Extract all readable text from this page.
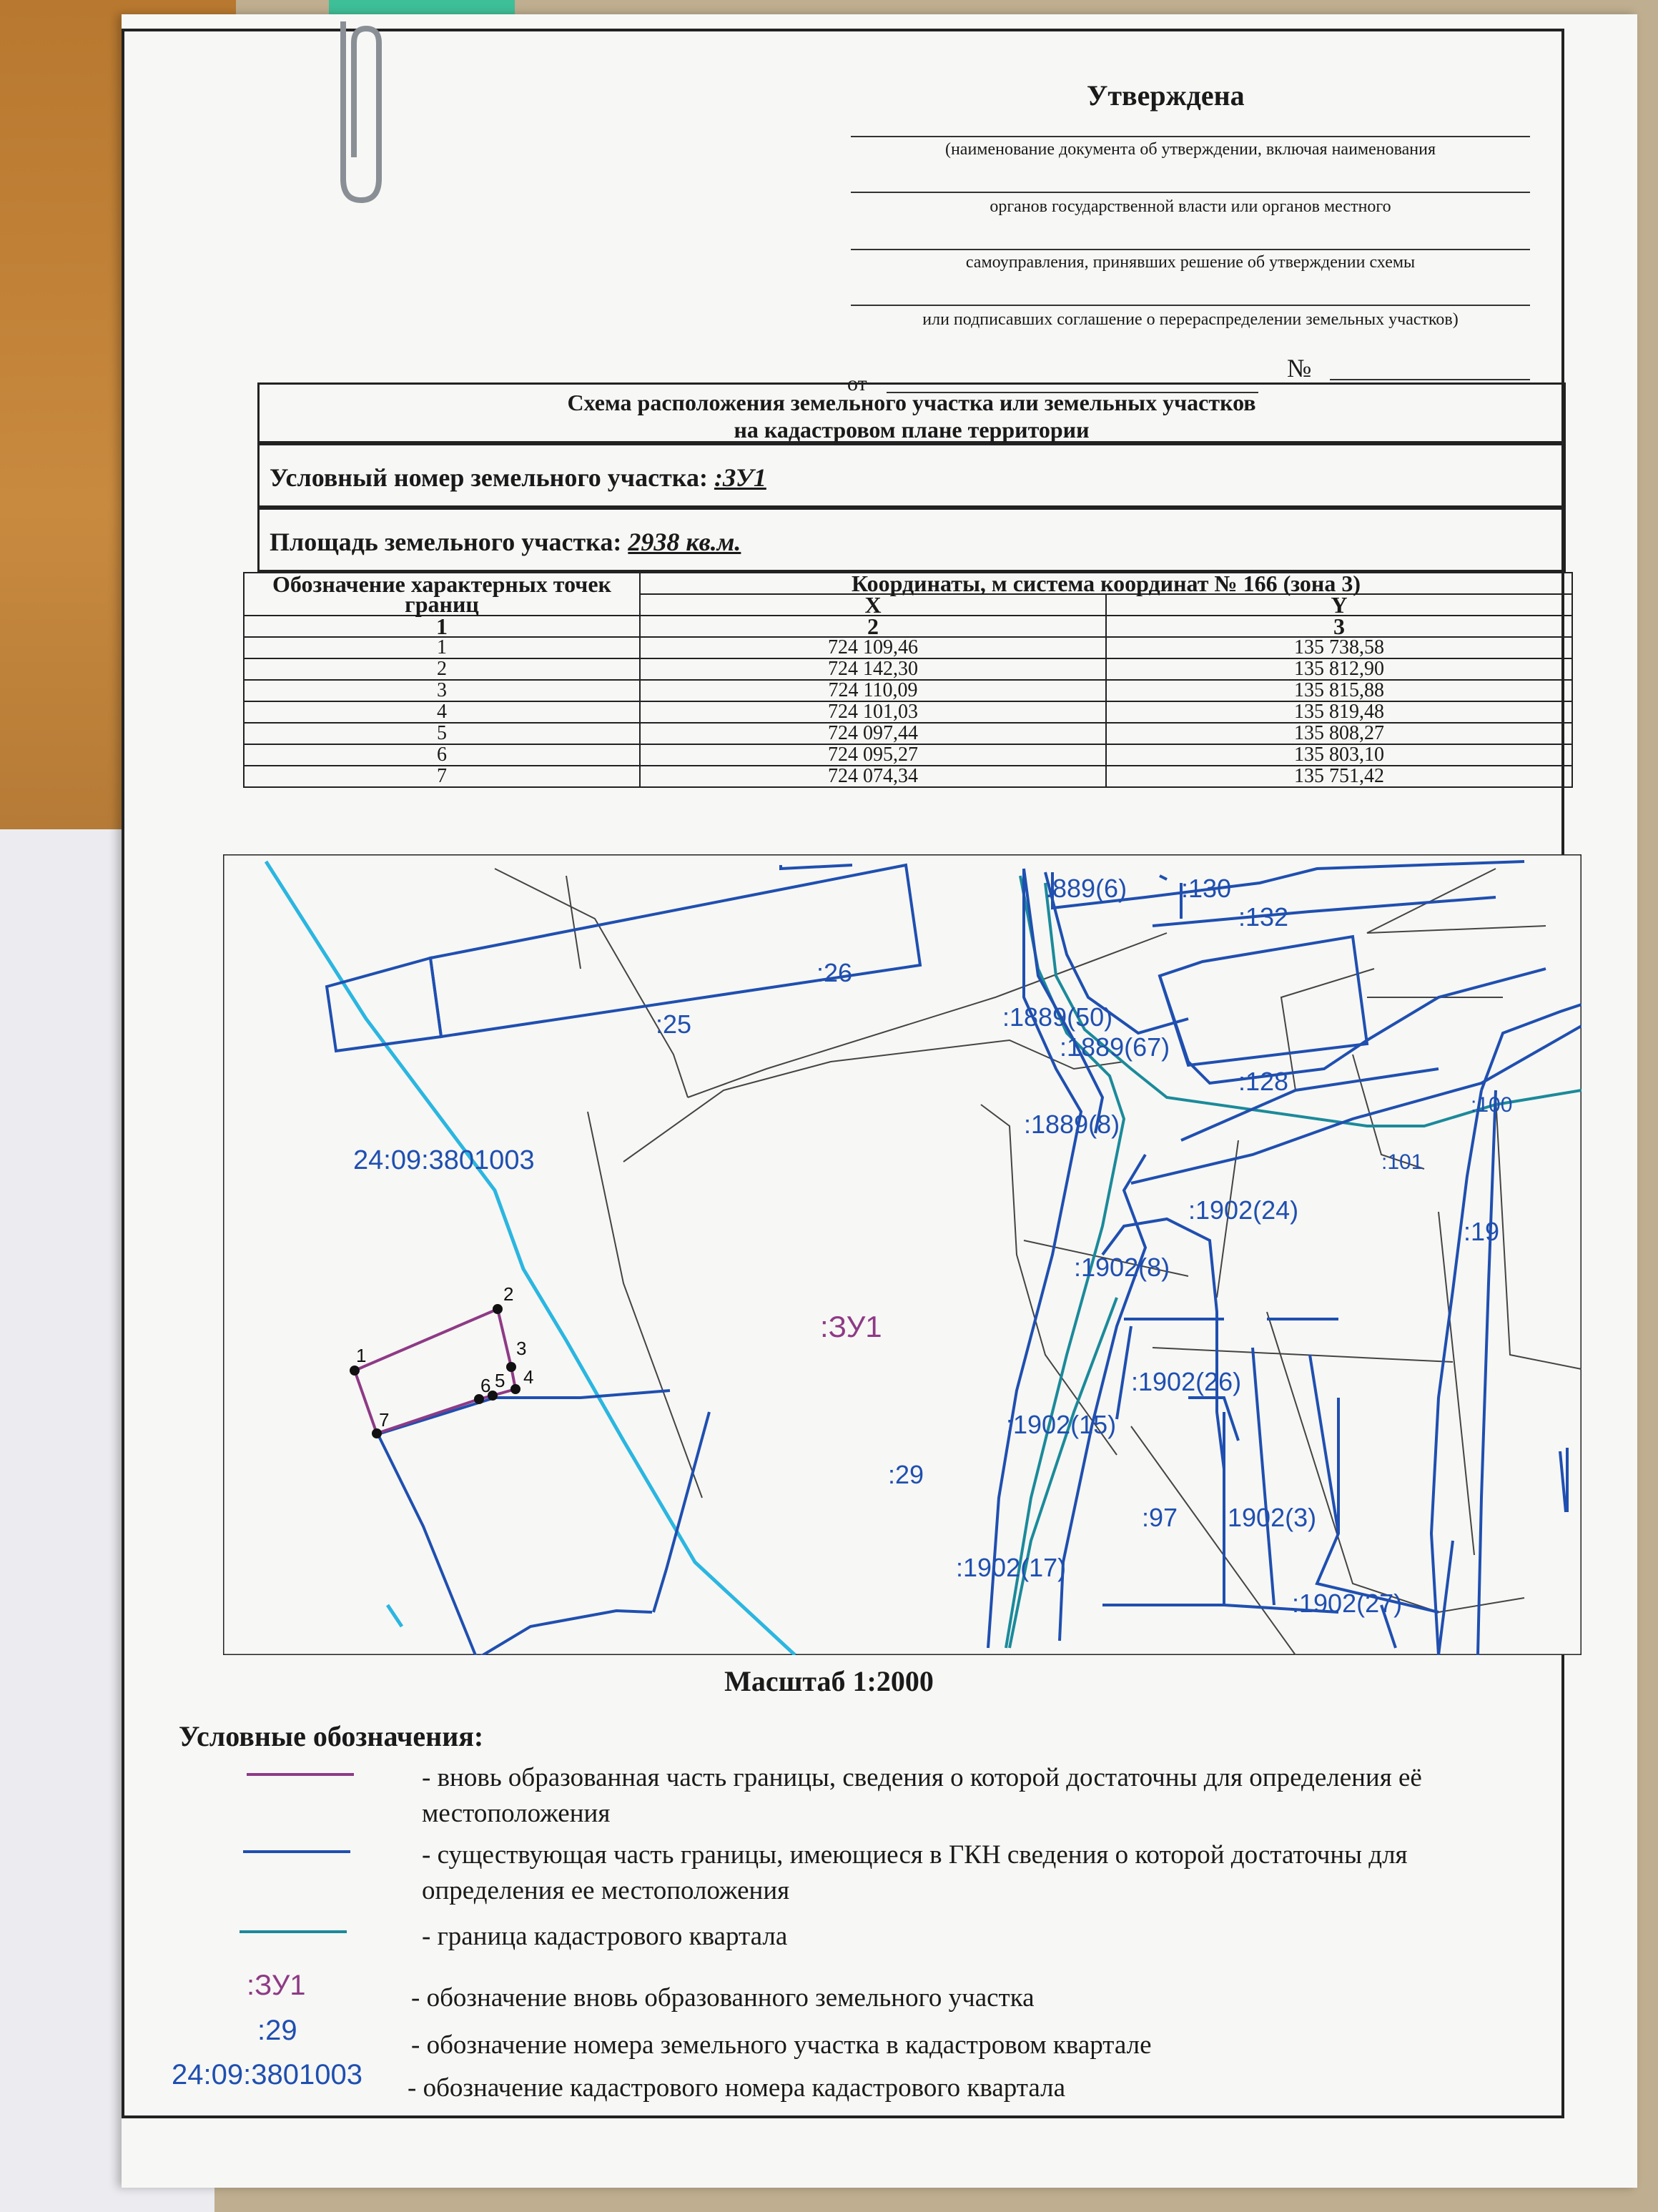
Утверждена
(наименование документа об утверждении, включая наименования
органов государственной власти или органов местного
самоуправления, принявших решение об утверждении схемы
или подписавших соглашение о перераспределении земельных участков)
от
№
Схема расположения земельного участка или земельных участков
на кадастровом плане территории
Условный номер земельного участка: :ЗУ1
Площадь земельного участка: 2938 кв.м.
Обозначение характерных точек границ	Координаты, м система координат № 166 (зона 3)	
	X	Y
1	2	3
1	724 109,46	135 738,58
2	724 142,30	135 812,90
3	724 110,09	135 815,88
4	724 101,03	135 819,48
5	724 097,44	135 808,27
6	724 095,27	135 803,10
7	724 074,34	135 751,42
1
2
3
4
5
6
7
24:09:3801003
:26
:25
:29
:97
:128
:130
:132
:19
:101
:100
:1889(50)
:1889(67)
:1889(8)
:889(6)
:1902(24)
:1902(8)
:1902(26)
:1902(15)
:1902(3)
:1902(17)
:1902(27)
:ЗУ1
Масштаб 1:2000
Условные обозначения:
- вновь образованная часть границы, сведения о которой достаточны для определения её местоположения
- существующая часть границы, имеющиеся в ГКН сведения о которой достаточны для определения ее местоположения
- граница кадастрового квартала
:ЗУ1	- обозначение вновь образованного земельного участка
:29	- обозначение номера земельного участка в кадастровом квартале
24:09:3801003 - обозначение кадастрового номера кадастрового квартала
